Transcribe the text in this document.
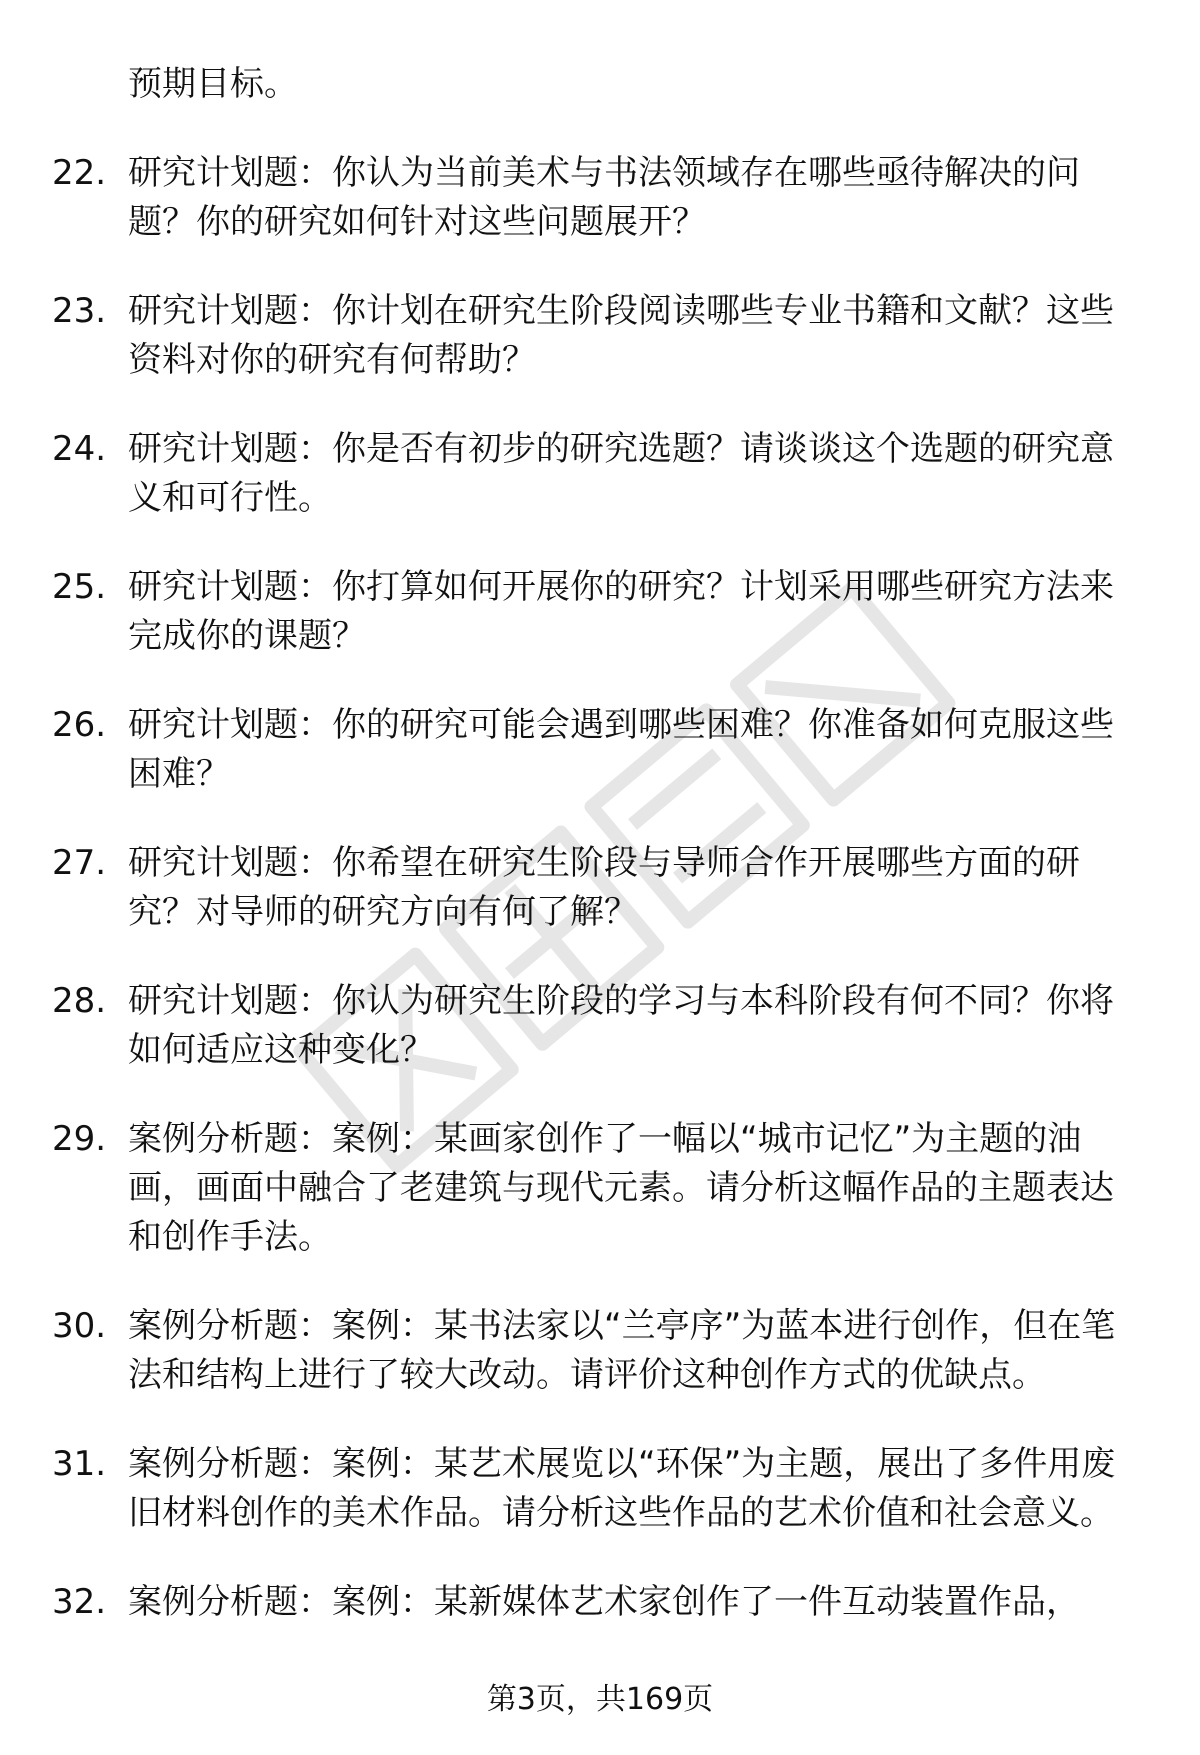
预期目标。
22. 研究计划题：你认为当前美术与书法领域存在哪些亟待解决的问题？你的研究如何针对这些问题展开？
23. 研究计划题：你计划在研究生阶段阅读哪些专业书籍和文献？这些资料对你的研究有何帮助？
24. 研究计划题：你是否有初步的研究选题？请谈谈这个选题的研究意义和可行性。
25. 研究计划题：你打算如何开展你的研究？计划采用哪些研究方法来完成你的课题？
26. 研究计划题：你的研究可能会遇到哪些困难？你准备如何克服这些困难？
27. 研究计划题：你希望在研究生阶段与导师合作开展哪些方面的研究？对导师的研究方向有何了解？
28. 研究计划题：你认为研究生阶段的学习与本科阶段有何不同？你将如何适应这种变化？
29. 案例分析题：案例：某画家创作了一幅以“城市记忆”为主题的油画，画面中融合了老建筑与现代元素。请分析这幅作品的主题表达和创作手法。
30. 案例分析题：案例：某书法家以“兰亭序”为蓝本进行创作，但在笔法和结构上进行了较大改动。请评价这种创作方式的优缺点。
31. 案例分析题：案例：某艺术展览以“环保”为主题，展出了多件用废旧材料创作的美术作品。请分析这些作品的艺术价值和社会意义。
32. 案例分析题：案例：某新媒体艺术家创作了一件互动装置作品，
第3页，共169页
